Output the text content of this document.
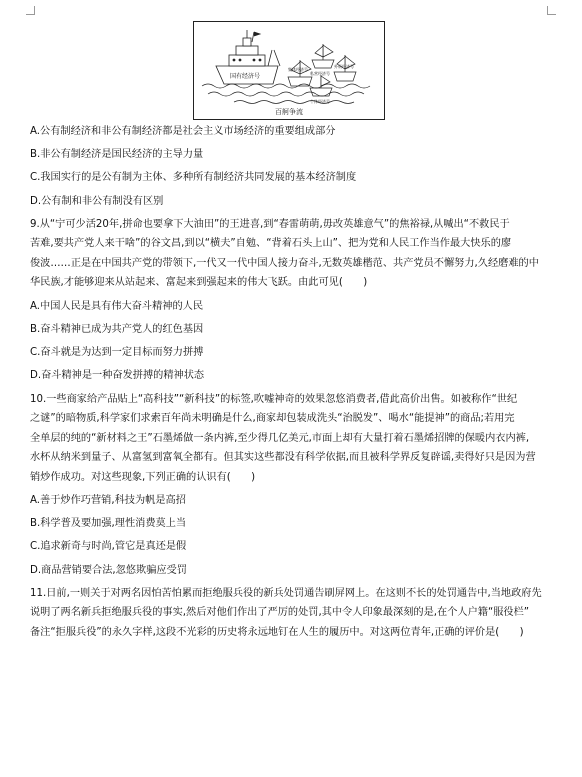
国有经济号
集体经济号
私营经济号
外资经济号
个体经济号
百舸争流
A.公有制经济和非公有制经济都是社会主义市场经济的重要组成部分
B.非公有制经济是国民经济的主导力量
C.我国实行的是公有制为主体、多种所有制经济共同发展的基本经济制度
D.公有制和非公有制没有区别
9.从“宁可少活20年,拼命也要拿下大油田”的王进喜,到“春雷萌萌,毋改英雄意气”的焦裕禄,从喊出“不救民于
苦难,要共产党人来干啥”的谷文昌,到以“横夫”自勉、“背着石头上山”、把为党和人民工作当作最大快乐的廖
俊波……正是在中国共产党的带领下,一代又一代中国人接力奋斗,无数英雄楷范、共产党员不懈努力,久经磨难的中
华民族,才能够迎来从站起来、富起来到强起来的伟大飞跃。由此可见(　　)
A.中国人民是具有伟大奋斗精神的人民
B.奋斗精神已成为共产党人的红色基因
C.奋斗就是为达到一定目标而努力拼搏
D.奋斗精神是一种奋发拼搏的精神状态
10.一些商家给产品贴上“高科技”“新科技”的标签,吹嘘神奇的效果忽悠消费者,借此高价出售。如被称作“世纪
之谜”的暗物质,科学家们求索百年尚未明确是什么,商家却包装成洗头“治脱发”、喝水“能提神”的商品;若用完
全单层的纯的“新材料之王”石墨烯做一条内裤,至少得几亿美元,市面上却有大量打着石墨烯招牌的保暖内衣内裤,
水杯从纳米到量子、从富氢到富氧全都有。但其实这些都没有科学依据,而且被科学界反复辟谣,卖得好只是因为营
销炒作成功。对这些现象,下列正确的认识有(　　)
A.善于炒作巧营销,科技为帆是高招
B.科学普及要加强,理性消费莫上当
C.追求新奇与时尚,管它是真还是假
D.商品营销要合法,忽悠欺骗应受罚
11.日前,一则关于对两名因怕苦怕累而拒绝服兵役的新兵处罚通告刷屏网上。在这则不长的处罚通告中,当地政府先
说明了两名新兵拒绝服兵役的事实,然后对他们作出了严厉的处罚,其中令人印象最深刻的是,在个人户籍“服役栏”
备注“拒服兵役”的永久字样,这段不光彩的历史将永远地钉在人生的履历中。对这两位青年,正确的评价是(　　)
